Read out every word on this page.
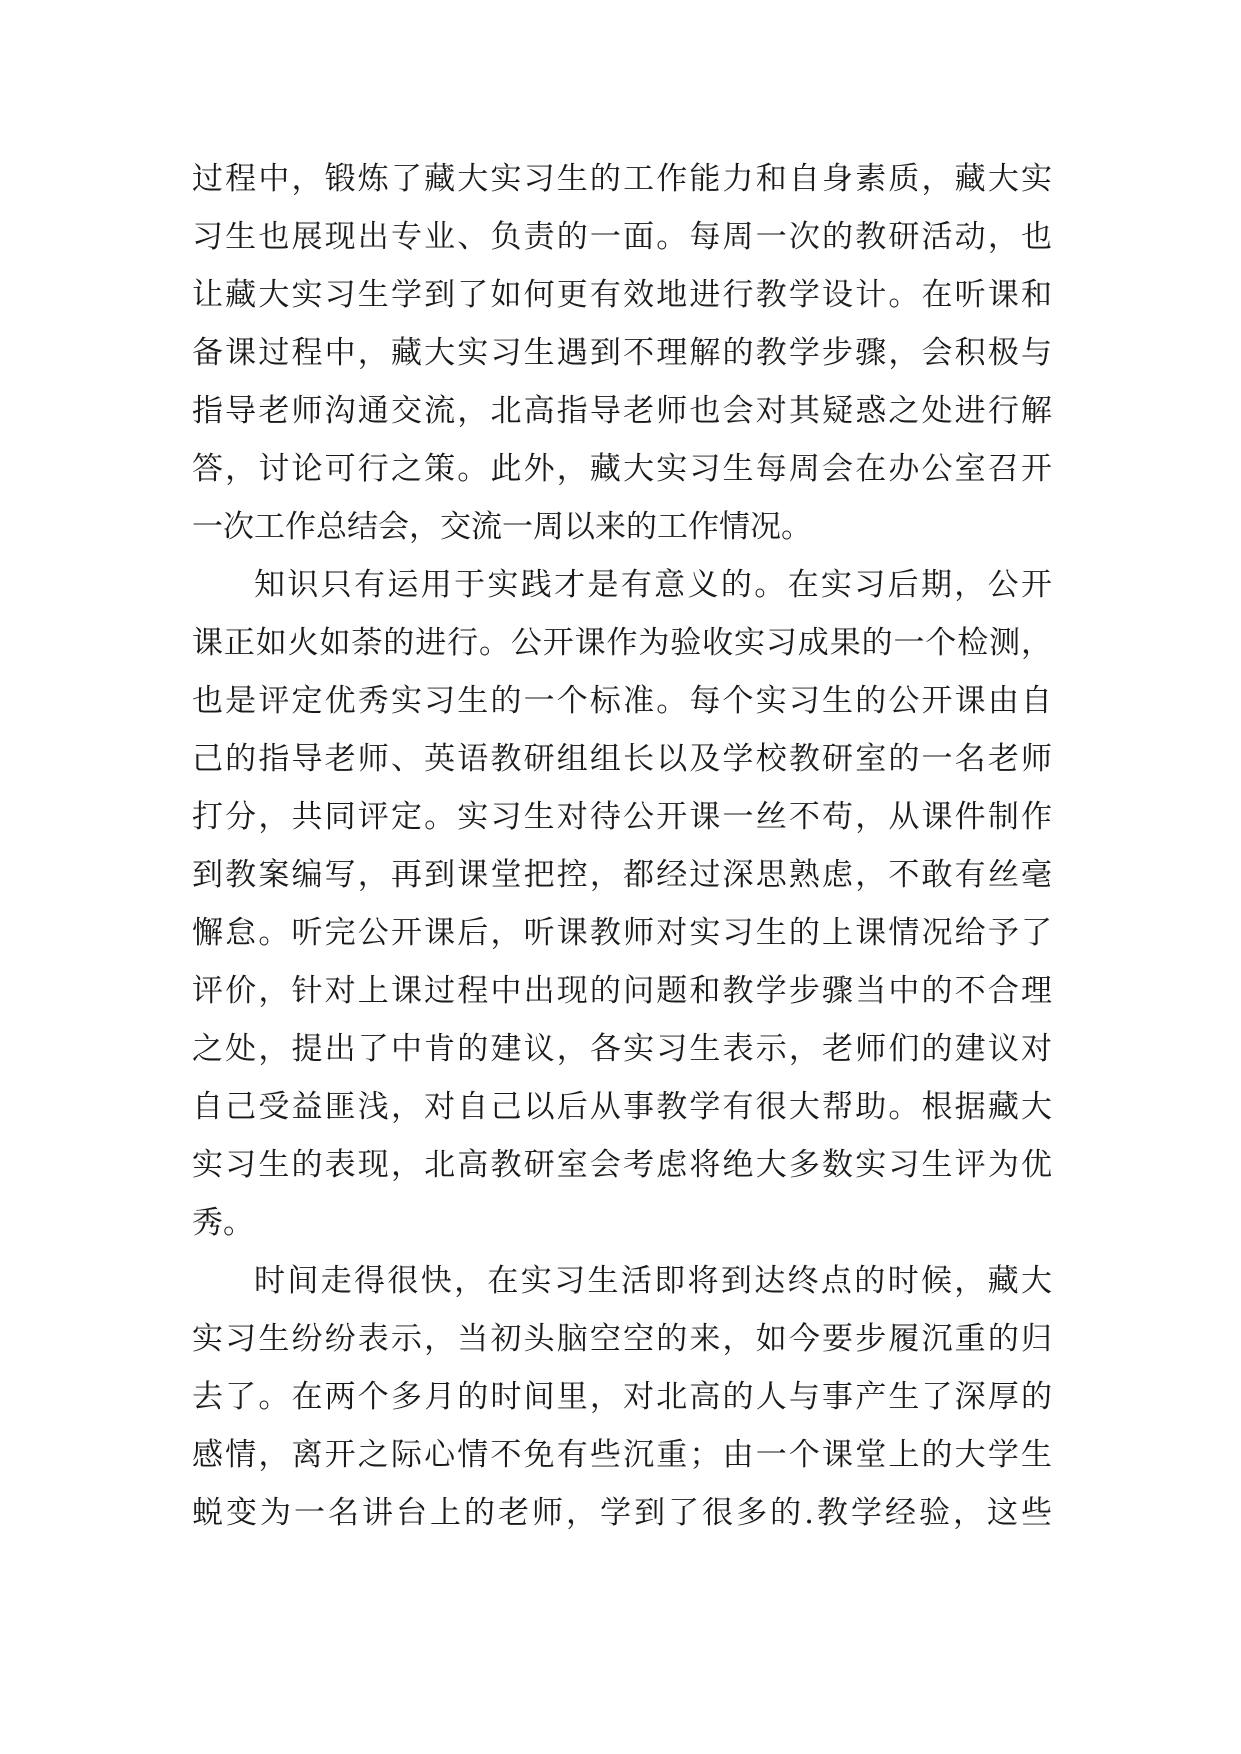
过程中，锻炼了藏大实习生的工作能力和自身素质，藏大实
习生也展现出专业、负责的一面。每周一次的教研活动，也
让藏大实习生学到了如何更有效地进行教学设计。在听课和
备课过程中，藏大实习生遇到不理解的教学步骤，会积极与
指导老师沟通交流，北高指导老师也会对其疑惑之处进行解
答，讨论可行之策。此外，藏大实习生每周会在办公室召开
一次工作总结会，交流一周以来的工作情况。
知识只有运用于实践才是有意义的。在实习后期，公开
课正如火如荼的进行。公开课作为验收实习成果的一个检测，
也是评定优秀实习生的一个标准。每个实习生的公开课由自
己的指导老师、英语教研组组长以及学校教研室的一名老师
打分，共同评定。实习生对待公开课一丝不苟，从课件制作
到教案编写，再到课堂把控，都经过深思熟虑，不敢有丝毫
懈怠。听完公开课后，听课教师对实习生的上课情况给予了
评价，针对上课过程中出现的问题和教学步骤当中的不合理
之处，提出了中肯的建议，各实习生表示，老师们的建议对
自己受益匪浅，对自己以后从事教学有很大帮助。根据藏大
实习生的表现，北高教研室会考虑将绝大多数实习生评为优
秀。
时间走得很快，在实习生活即将到达终点的时候，藏大
实习生纷纷表示，当初头脑空空的来，如今要步履沉重的归
去了。在两个多月的时间里，对北高的人与事产生了深厚的
感情，离开之际心情不免有些沉重；由一个课堂上的大学生
蜕变为一名讲台上的老师，学到了很多的.教学经验，这些
